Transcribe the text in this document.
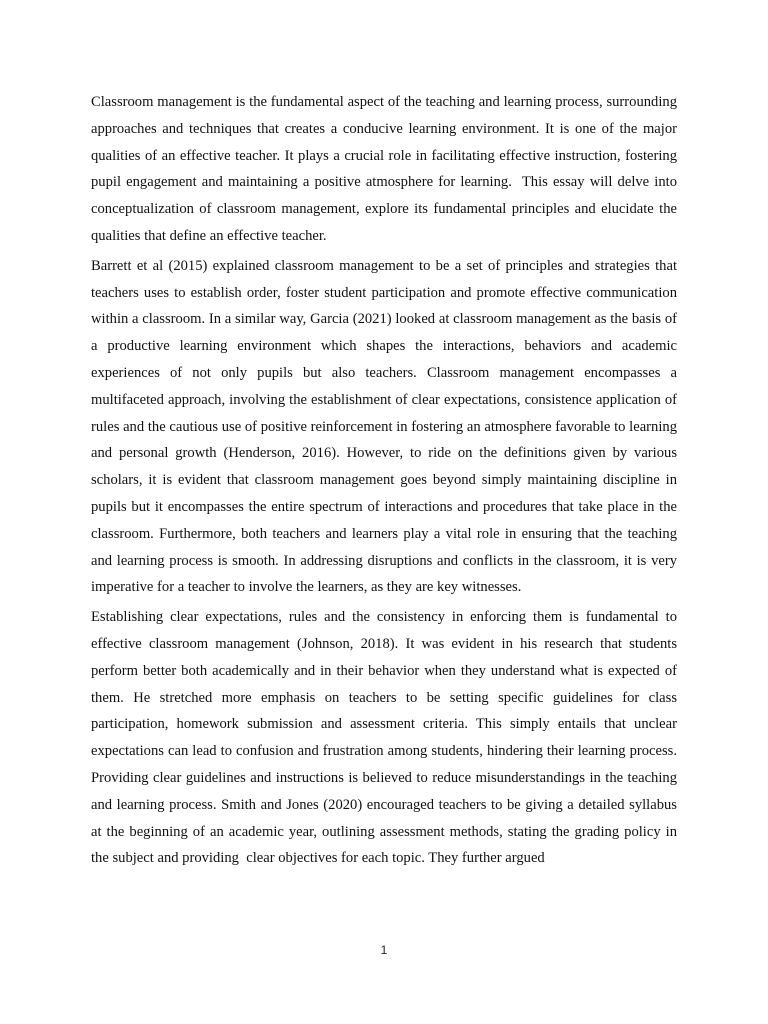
Classroom management is the fundamental aspect of the teaching and learning process, surrounding approaches and techniques that creates a conducive learning environment. It is one of the major qualities of an effective teacher. It plays a crucial role in facilitating effective instruction, fostering pupil engagement and maintaining a positive atmosphere for learning.  This essay will delve into conceptualization of classroom management, explore its fundamental principles and elucidate the qualities that define an effective teacher.

Barrett et al (2015) explained classroom management to be a set of principles and strategies that teachers uses to establish order, foster student participation and promote effective communication within a classroom. In a similar way, Garcia (2021) looked at classroom management as the basis of a productive learning environment which shapes the interactions, behaviors and academic experiences of not only pupils but also teachers. Classroom management encompasses a multifaceted approach, involving the establishment of clear expectations, consistence application of rules and the cautious use of positive reinforcement in fostering an atmosphere favorable to learning and personal growth (Henderson, 2016). However, to ride on the definitions given by various scholars, it is evident that classroom management goes beyond simply maintaining discipline in pupils but it encompasses the entire spectrum of interactions and procedures that take place in the classroom. Furthermore, both teachers and learners play a vital role in ensuring that the teaching and learning process is smooth. In addressing disruptions and conflicts in the classroom, it is very imperative for a teacher to involve the learners, as they are key witnesses.

Establishing clear expectations, rules and the consistency in enforcing them is fundamental to effective classroom management (Johnson, 2018). It was evident in his research that students perform better both academically and in their behavior when they understand what is expected of them. He stretched more emphasis on teachers to be setting specific guidelines for class participation, homework submission and assessment criteria. This simply entails that unclear expectations can lead to confusion and frustration among students, hindering their learning process. Providing clear guidelines and instructions is believed to reduce misunderstandings in the teaching and learning process. Smith and Jones (2020) encouraged teachers to be giving a detailed syllabus at the beginning of an academic year, outlining assessment methods, stating the grading policy in the subject and providing  clear objectives for each topic. They further argued

1
